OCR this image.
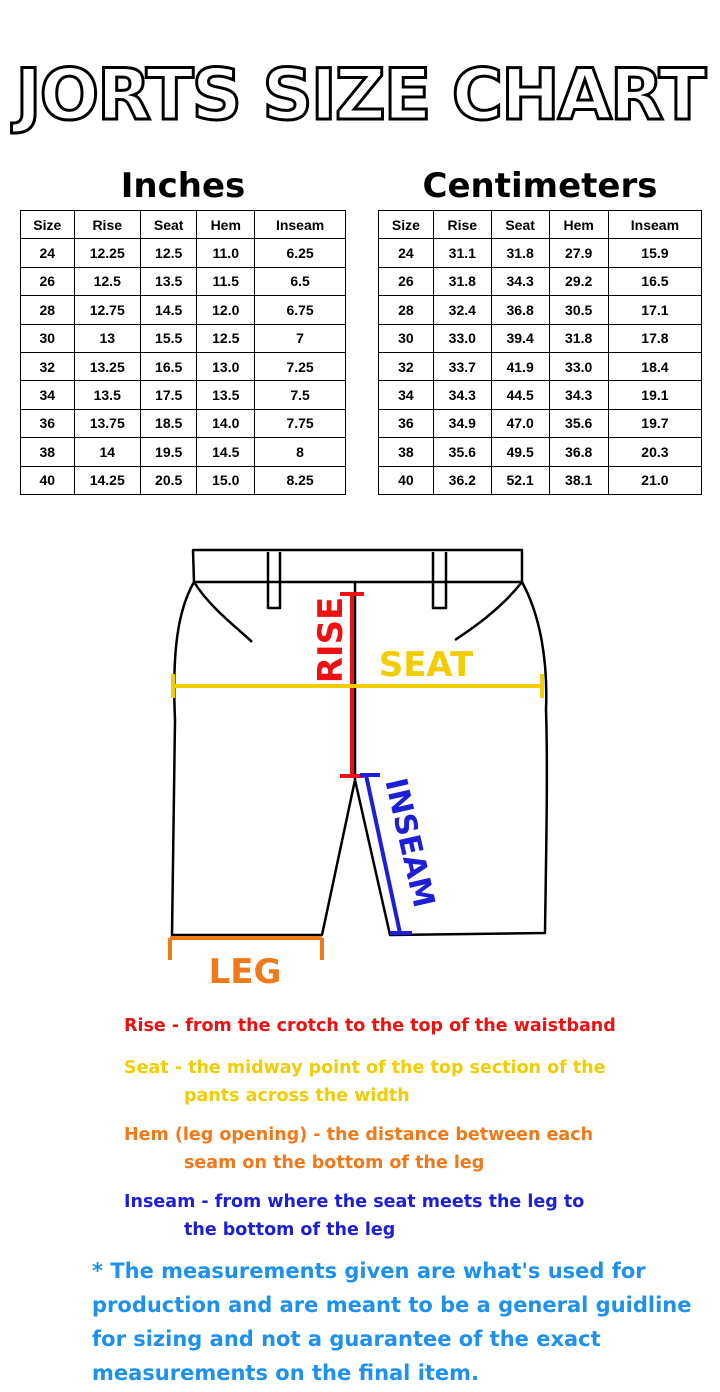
JORTS SIZE CHART
Inches	Centimeters
Size	Rise	Seat	Hem	Inseam
24	12.25	12.5	11.0	6.25
26	12.5	13.5	11.5	6.5
28	12.75	14.5	12.0	6.75
30	13	15.5	12.5	7
32	13.25	16.5	13.0	7.25
34	13.5	17.5	13.5	7.5
36	13.75	18.5	14.0	7.75
38	14	19.5	14.5	8
40	14.25	20.5	15.0	8.25
Size	Rise	Seat	Hem	Inseam
24	31.1	31.8	27.9	15.9
26	31.8	34.3	29.2	16.5
28	32.4	36.8	30.5	17.1
30	33.0	39.4	31.8	17.8
32	33.7	41.9	33.0	18.4
34	34.3	44.5	34.3	19.1
36	34.9	47.0	35.6	19.7
38	35.6	49.5	36.8	20.3
40	36.2	52.1	38.1	21.0
RISE SEAT
INSEAM
LEG
Rise - from the crotch to the top of the waistband
Seat - the midway point of the top section of the
pants across the width
Hem (leg opening) - the distance between each
seam on the bottom of the leg
Inseam - from where the seat meets the leg to
the bottom of the leg
* The measurements given are what's used for
production and are meant to be a general guidline
for sizing and not a guarantee of the exact
measurements on the final item.
